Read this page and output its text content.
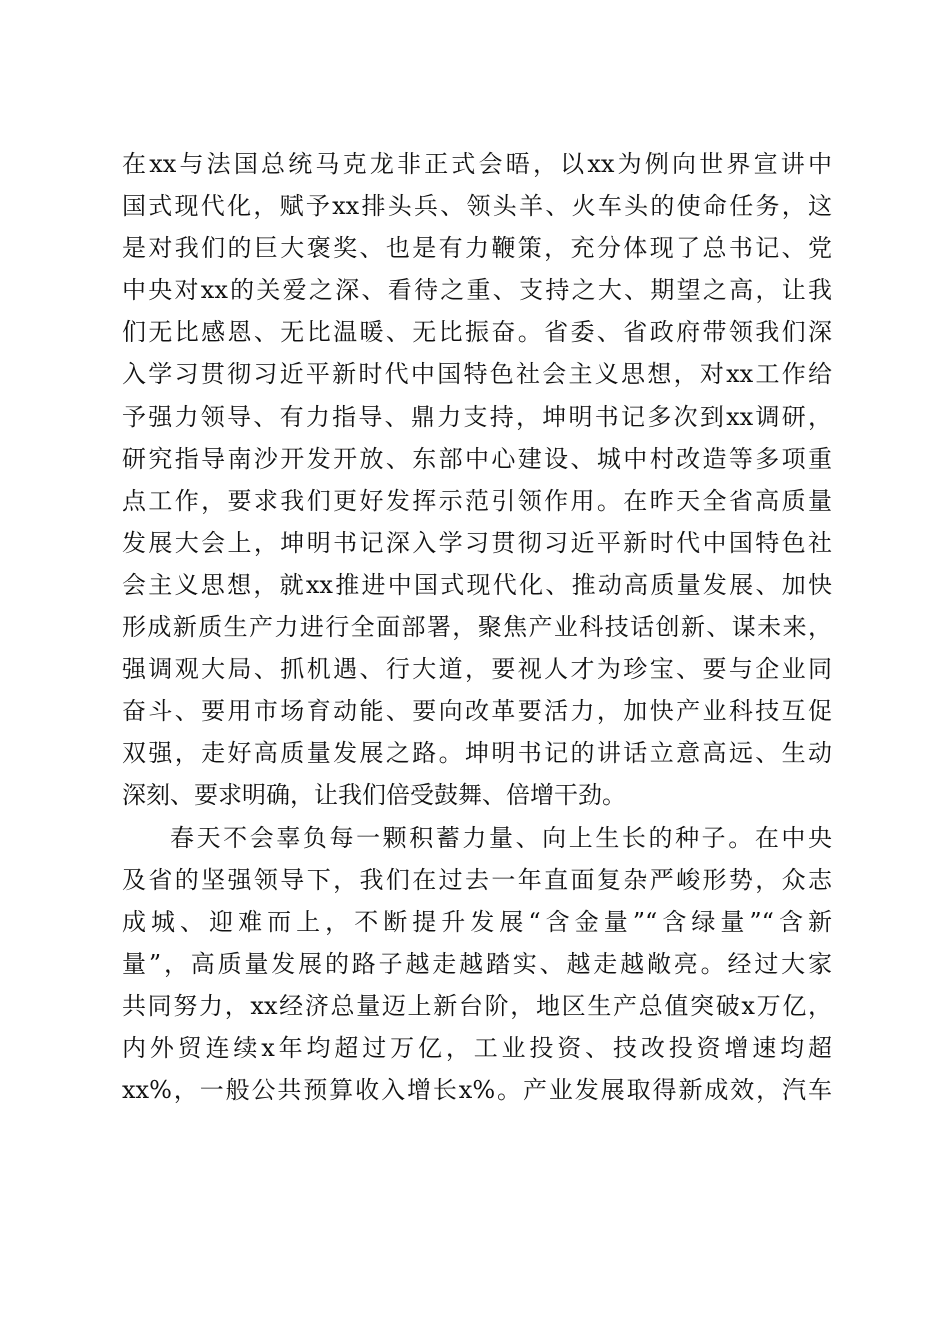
在xx与法国总统马克龙非正式会晤，以xx为例向世界宣讲中
国式现代化，赋予xx排头兵、领头羊、火车头的使命任务，这
是对我们的巨大褒奖、也是有力鞭策，充分体现了总书记、党
中央对xx的关爱之深、看待之重、支持之大、期望之高，让我
们无比感恩、无比温暖、无比振奋。省委、省政府带领我们深
入学习贯彻习近平新时代中国特色社会主义思想，对xx工作给
予强力领导、有力指导、鼎力支持，坤明书记多次到xx调研，
研究指导南沙开发开放、东部中心建设、城中村改造等多项重
点工作，要求我们更好发挥示范引领作用。在昨天全省高质量
发展大会上，坤明书记深入学习贯彻习近平新时代中国特色社
会主义思想，就xx推进中国式现代化、推动高质量发展、加快
形成新质生产力进行全面部署，聚焦产业科技话创新、谋未来，
强调观大局、抓机遇、行大道，要视人才为珍宝、要与企业同
奋斗、要用市场育动能、要向改革要活力，加快产业科技互促
双强，走好高质量发展之路。坤明书记的讲话立意高远、生动
深刻、要求明确，让我们倍受鼓舞、倍增干劲。
春天不会辜负每一颗积蓄力量、向上生长的种子。在中央
及省的坚强领导下，我们在过去一年直面复杂严峻形势，众志
成城、迎难而上，不断提升发展“含金量”“含绿量”“含新
量”，高质量发展的路子越走越踏实、越走越敞亮。经过大家
共同努力，xx经济总量迈上新台阶，地区生产总值突破x万亿，
内外贸连续x年均超过万亿，工业投资、技改投资增速均超
xx%，一般公共预算收入增长x%。产业发展取得新成效，汽车
